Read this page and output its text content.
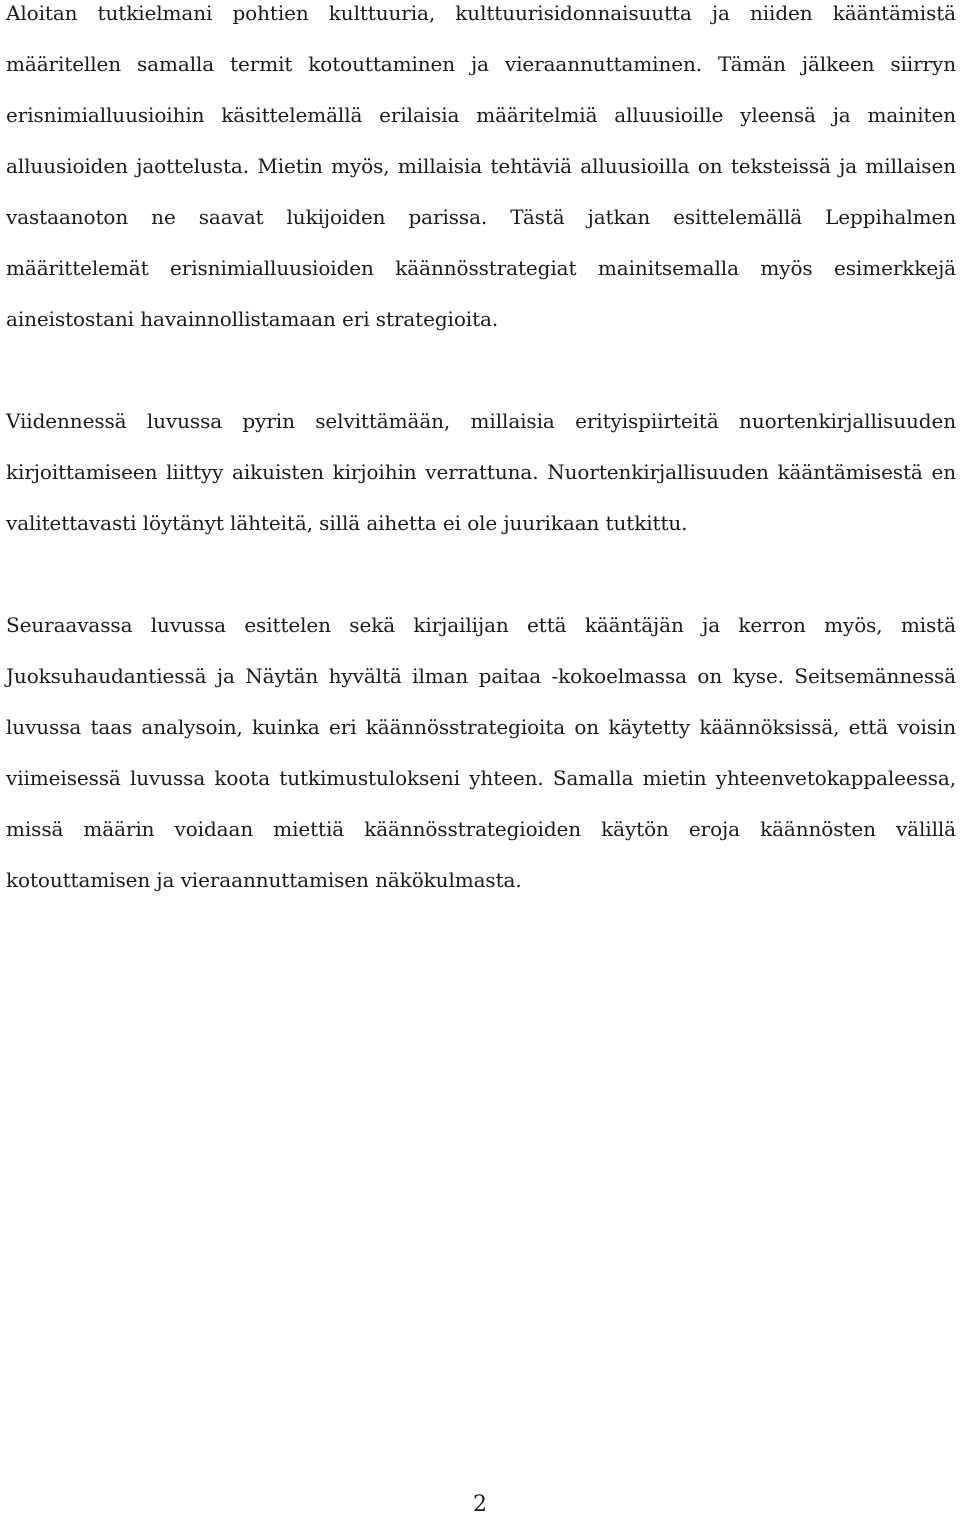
Aloitan tutkielmani pohtien kulttuuria, kulttuurisidonnaisuutta ja niiden kääntämistä määritellen samalla termit kotouttaminen ja vieraannuttaminen. Tämän jälkeen siirryn erisnimialluusioihin käsittelemällä erilaisia määritelmiä alluusioille yleensä ja mainiten alluusioiden jaottelusta. Mietin myös, millaisia tehtäviä alluusioilla on teksteissä ja millaisen vastaanoton ne saavat lukijoiden parissa. Tästä jatkan esittelemällä Leppihalmen määrittelemät erisnimialluusioiden käännösstrategiat mainitsemalla myös esimerkkejä aineistostani havainnollistamaan eri strategioita.

Viidennessä luvussa pyrin selvittämään, millaisia erityispiirteitä nuortenkirjallisuuden kirjoittamiseen liittyy aikuisten kirjoihin verrattuna. Nuortenkirjallisuuden kääntämisestä en valitettavasti löytänyt lähteitä, sillä aihetta ei ole juurikaan tutkittu.

Seuraavassa luvussa esittelen sekä kirjailijan että kääntäjän ja kerron myös, mistä Juoksuhaudantiessä ja Näytän hyvältä ilman paitaa -kokoelmassa on kyse. Seitsemännessä luvussa taas analysoin, kuinka eri käännösstrategioita on käytetty käännöksissä, että voisin viimeisessä luvussa koota tutkimustulokseni yhteen. Samalla mietin yhteenvetokappaleessa, missä määrin voidaan miettiä käännösstrategioiden käytön eroja käännösten välillä kotouttamisen ja vieraannuttamisen näkökulmasta.

2
